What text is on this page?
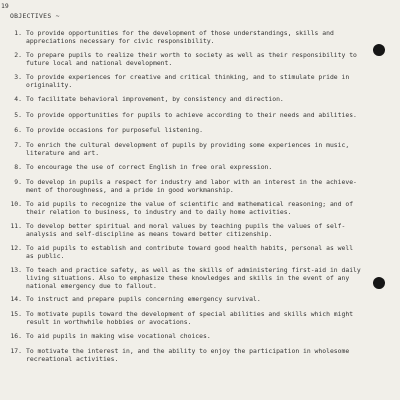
19
OBJECTIVES ~
1. To provide opportunities for the development of those understandings, skills and
appreciations necessary for civic responsibility.
2. To prepare pupils to realize their worth to society as well as their responsibility to
future local and national development.
3. To provide experiences for creative and critical thinking, and to stimulate pride in
originality.
4. To facilitate behavioral improvement, by consistency and direction.
5. To provide opportunities for pupils to achieve according to their needs and abilities.
6. To provide occasions for purposeful listening.
7. To enrich the cultural development of pupils by providing some experiences in music,
literature and art.
8. To encourage the use of correct English in free oral expression.
9. To develop in pupils a respect for industry and labor with an interest in the achieve-
ment of thoroughness, and a pride in good workmanship.
10. To aid pupils to recognize the value of scientific and mathematical reasoning; and of
their relation to business, to industry and to daily home activities.
11. To develop better spiritual and moral values by teaching pupils the values of self-
analysis and self-discipline as means toward better citizenship.
12. To aid pupils to establish and contribute toward good health habits, personal as well
as public.
13. To teach and practice safety, as well as the skills of administering first-aid in daily
living situations. Also to emphasize these knowledges and skills in the event of any
national emergency due to fallout.
14. To instruct and prepare pupils concerning emergency survival.
15. To motivate pupils toward the development of special abilities and skills which might
result in worthwhile hobbies or avocations.
16. To aid pupils in making wise vocational choices.
17. To motivate the interest in, and the ability to enjoy the participation in wholesome
recreational activities.
